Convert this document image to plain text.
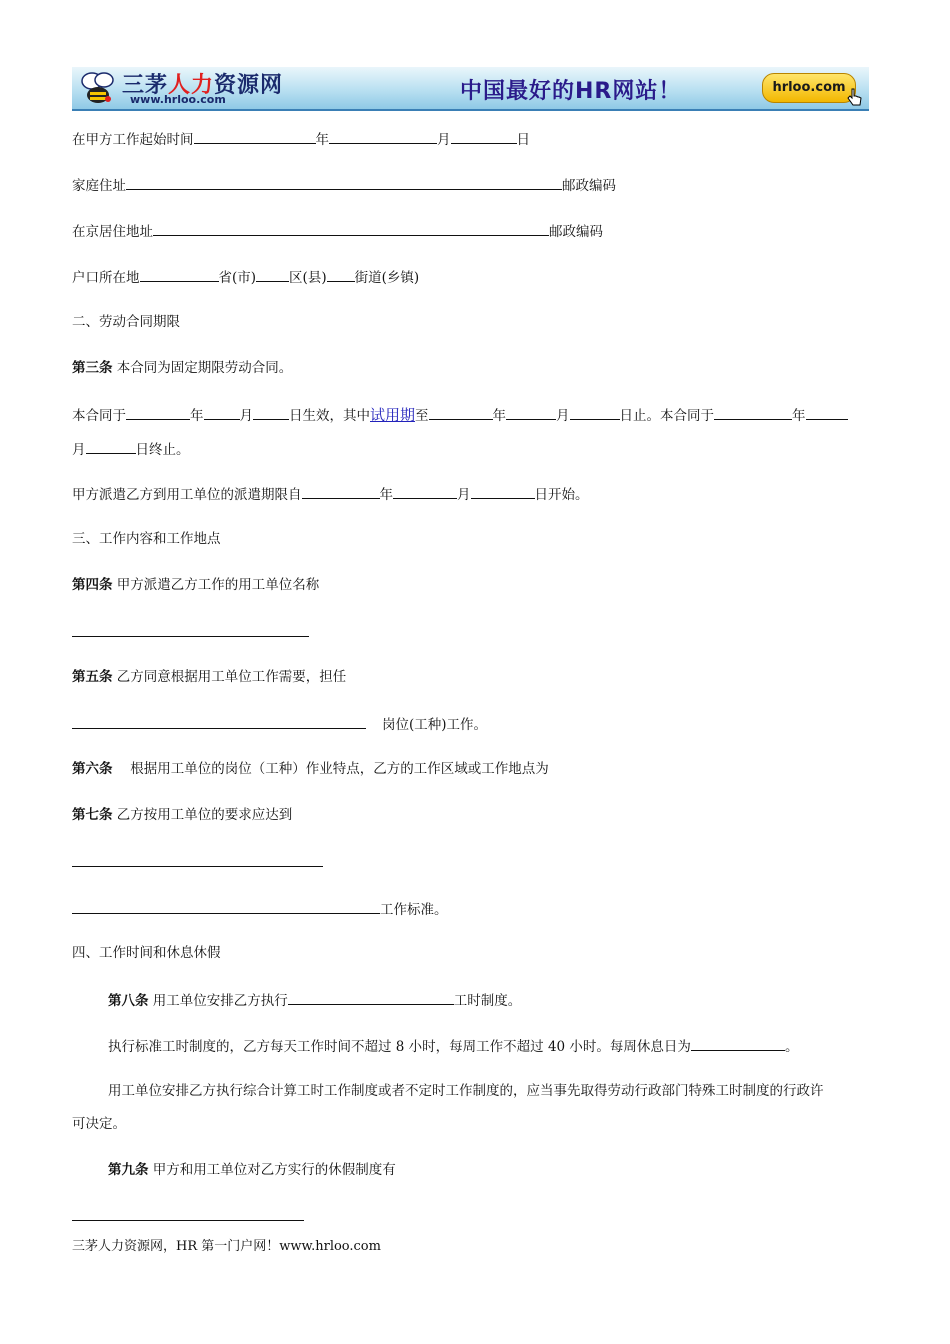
三茅人力资源网
www.hrloo.com	中国最好的HR网站！	hrloo.com
在甲方工作起始时间	年	月	日
家庭住址	邮政编码
在京居住地址	邮政编码
户口所在地	省(市) 区(县) 街道(乡镇)
二、劳动合同期限
第三条 本合同为固定期限劳动合同。
本合同于	年	月	日生效，其中试用期至	年	月	日止。本合同于	年
月	日终止。
甲方派遣乙方到用工单位的派遣期限自	年	月	日开始。
三、工作内容和工作地点
第四条 甲方派遣乙方工作的用工单位名称
第五条 乙方同意根据用工单位工作需要，担任
岗位(工种)工作。
第六条　 根据用工单位的岗位（工种）作业特点，乙方的工作区域或工作地点为
第七条 乙方按用工单位的要求应达到
工作标准。
四、工作时间和休息休假
第八条 用工单位安排乙方执行	工时制度。
执行标准工时制度的，乙方每天工作时间不超过 8 小时，每周工作不超过 40 小时。每周休息日为	。
用工单位安排乙方执行综合计算工时工作制度或者不定时工作制度的，应当事先取得劳动行政部门特殊工时制度的行政许
可决定。
第九条 甲方和用工单位对乙方实行的休假制度有
三茅人力资源网，HR 第一门户网！www.hrloo.com
